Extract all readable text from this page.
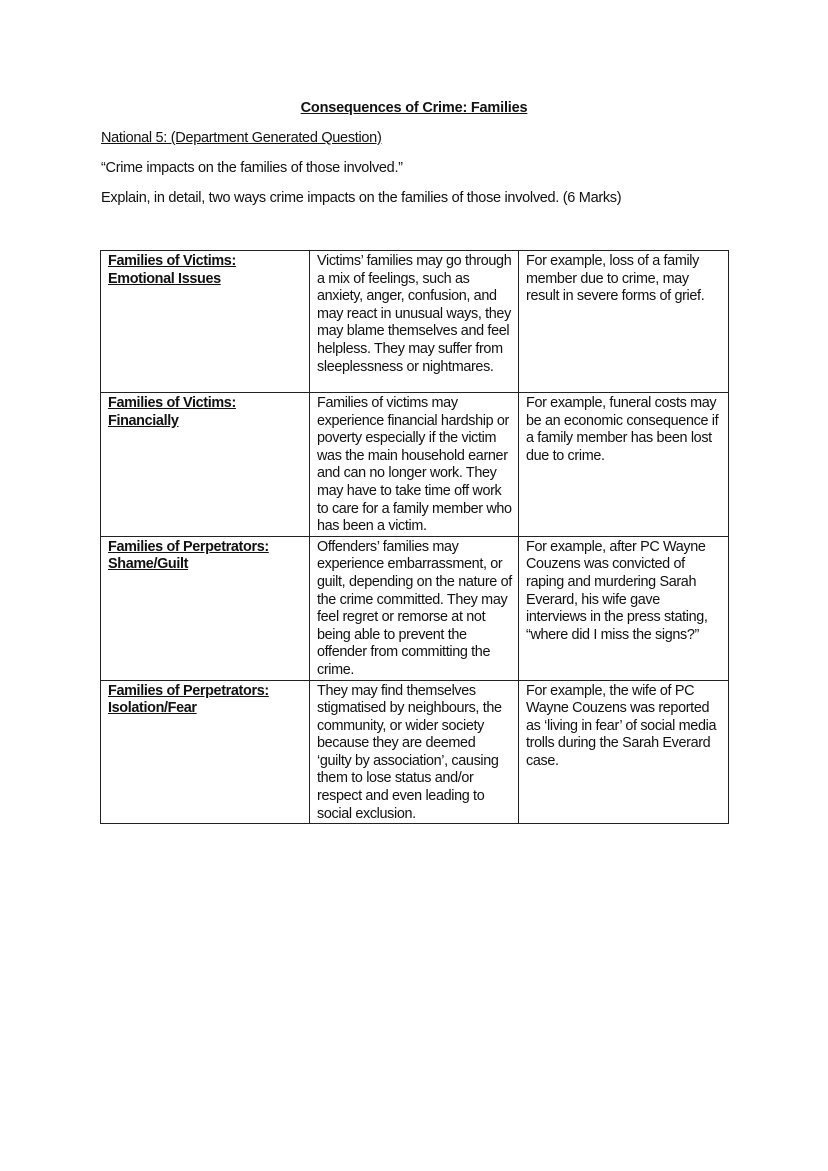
Consequences of Crime: Families
National 5: (Department Generated Question)
“Crime impacts on the families of those involved.”
Explain, in detail, two ways crime impacts on the families of those involved. (6 Marks)
Families of Victims:
Emotional Issues	Victims’ families may go through a mix of feelings, such as anxiety, anger, confusion, and may react in unusual ways, they may blame themselves and feel helpless. They may suffer from sleeplessness or nightmares.	For example, loss of a family member due to crime, may result in severe forms of grief.

Families of Victims:
Financially	Families of victims may experience financial hardship or poverty especially if the victim was the main household earner and can no longer work. They may have to take time off work to care for a family member who has been a victim.	For example, funeral costs may be an economic consequence if a family member has been lost due to crime.

Families of Perpetrators:
Shame/Guilt	Offenders’ families may experience embarrassment, or guilt, depending on the nature of the crime committed. They may feel regret or remorse at not being able to prevent the offender from committing the crime.	For example, after PC Wayne Couzens was convicted of raping and murdering Sarah Everard, his wife gave interviews in the press stating, “where did I miss the signs?”

Families of Perpetrators:
Isolation/Fear	They may find themselves stigmatised by neighbours, the community, or wider society because they are deemed ‘guilty by association’, causing them to lose status and/or respect and even leading to social exclusion.	For example, the wife of PC Wayne Couzens was reported as ‘living in fear’ of social media trolls during the Sarah Everard case.
